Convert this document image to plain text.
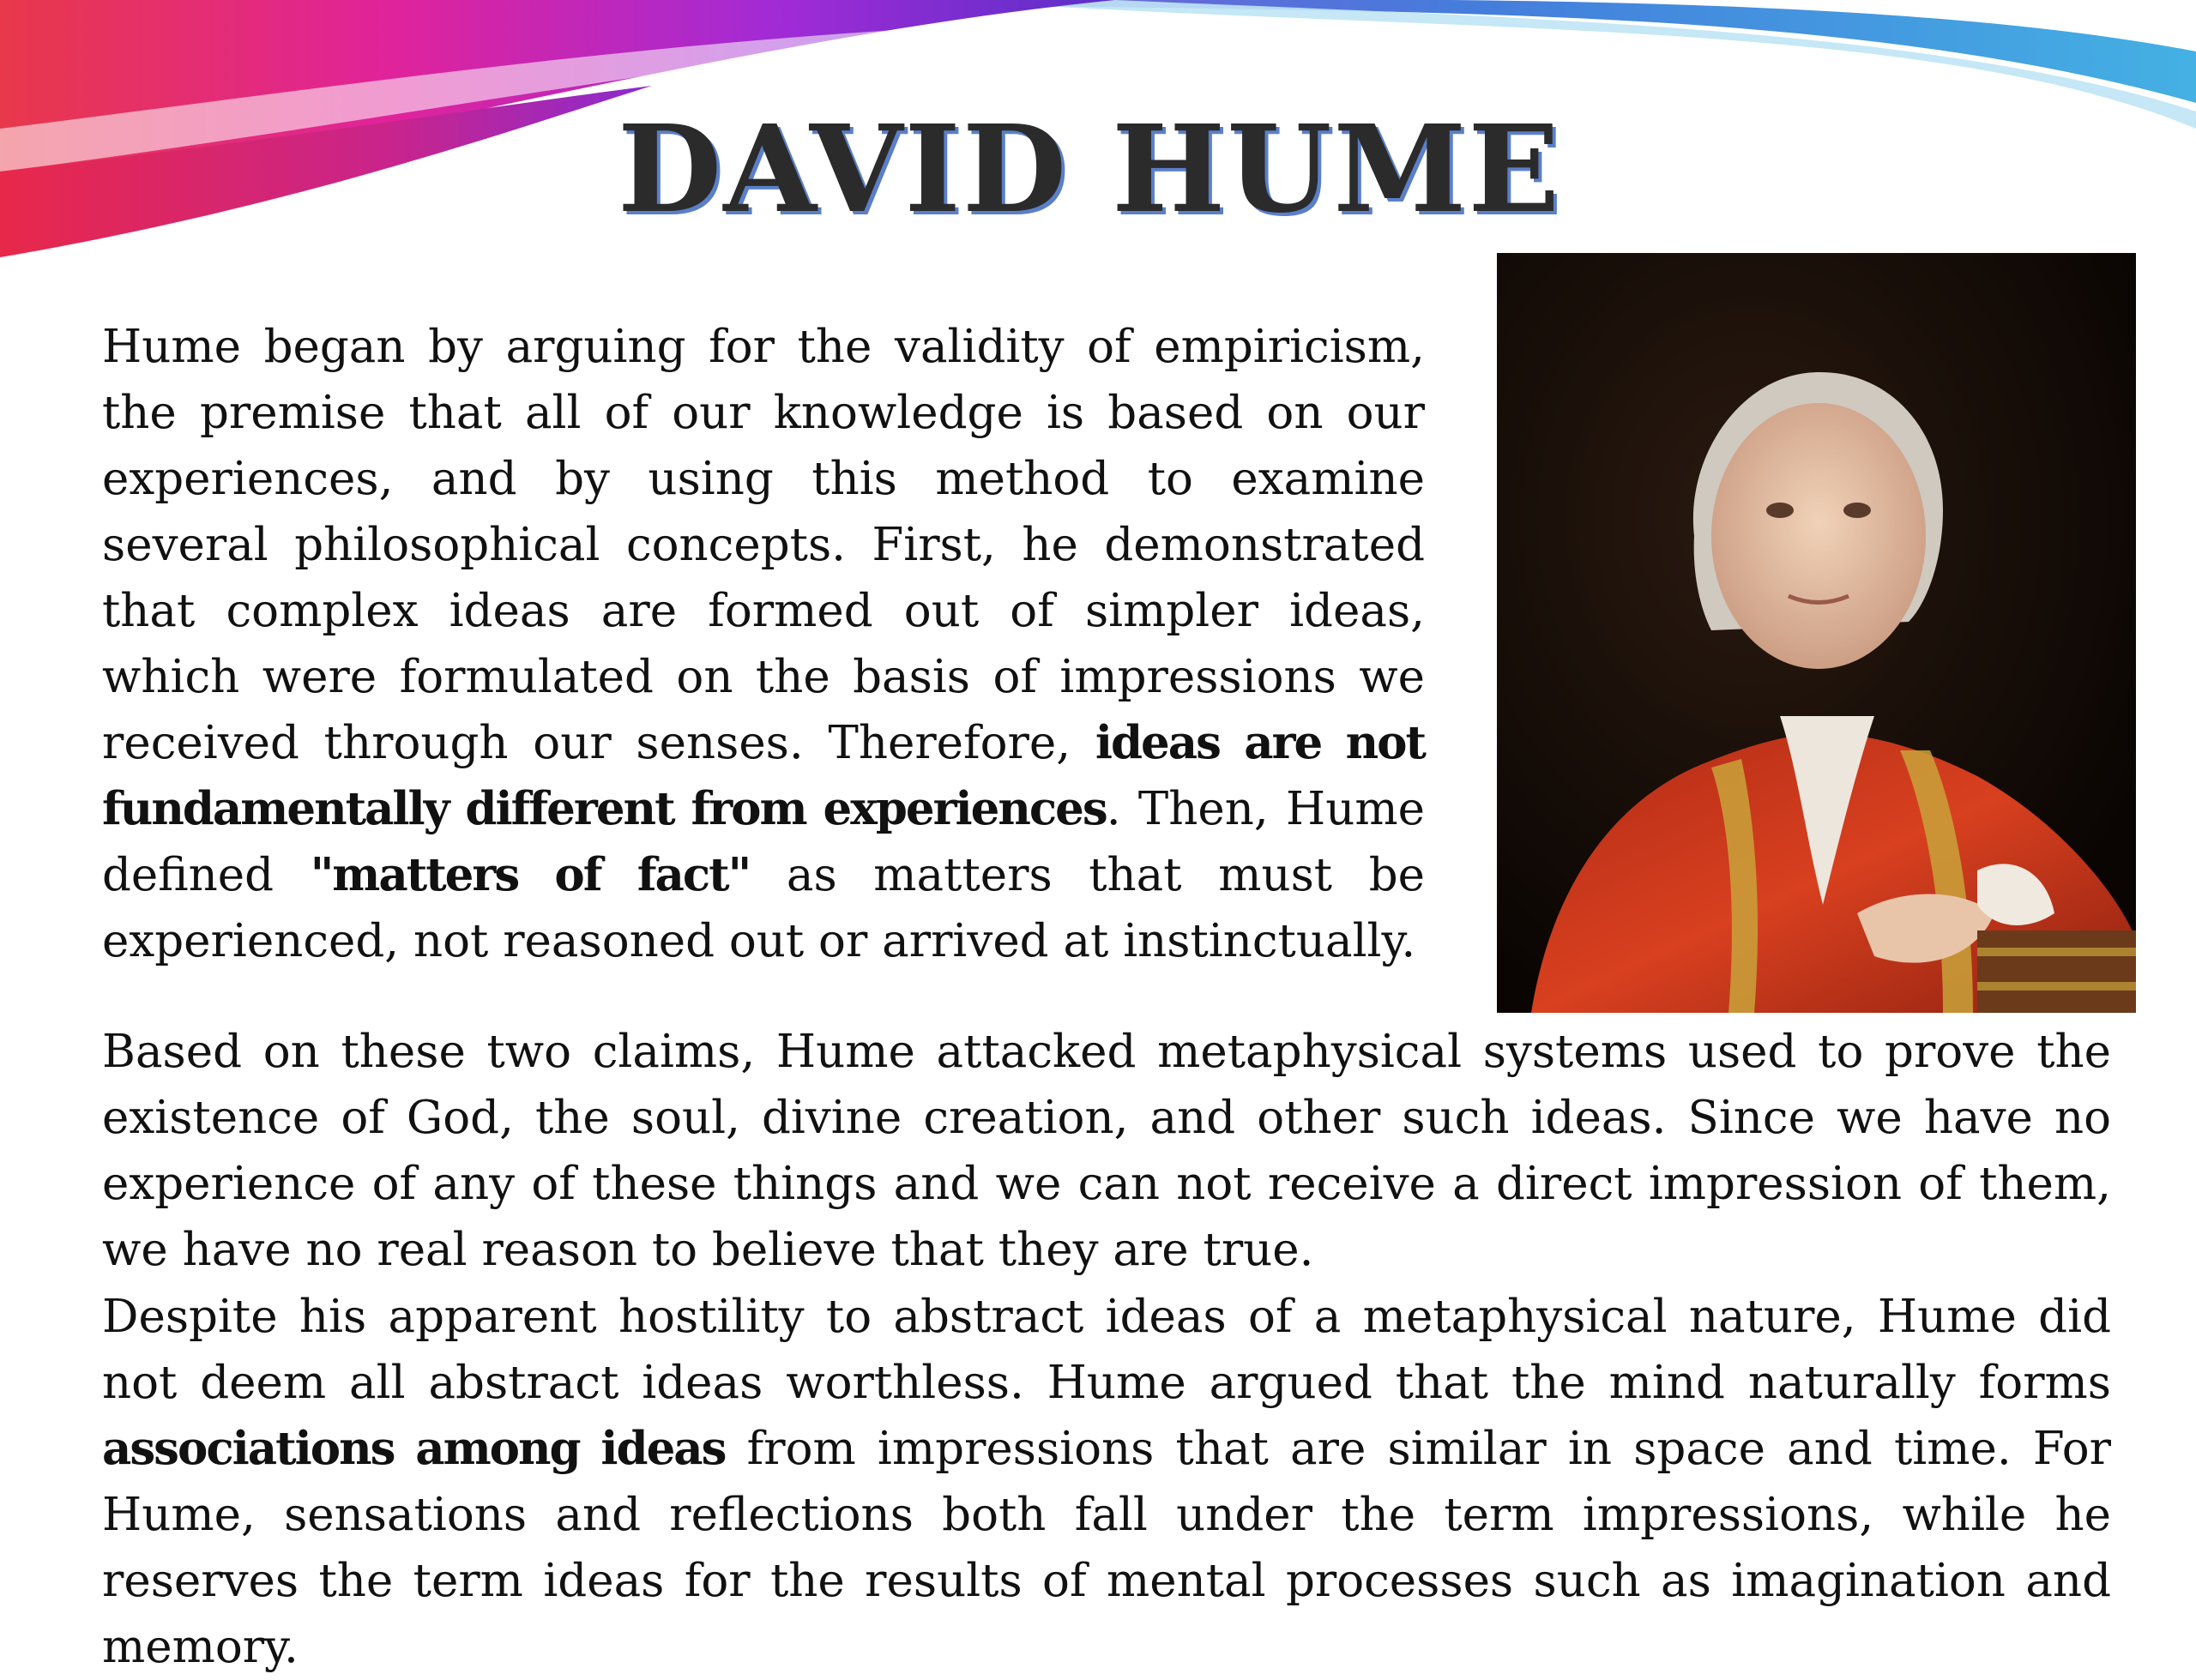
DAVID HUME

Hume began by arguing for the validity of empiricism, the premise that all of our knowledge is based on our experiences, and by using this method to examine several philosophical concepts. First, he demonstrated that complex ideas are formed out of simpler ideas, which were formulated on the basis of impressions we received through our senses. Therefore, ideas are not fundamentally different from experiences. Then, Hume defined "matters of fact" as matters that must be experienced, not reasoned out or arrived at instinctually.

Based on these two claims, Hume attacked metaphysical systems used to prove the existence of God, the soul, divine creation, and other such ideas. Since we have no experience of any of these things and we can not receive a direct impression of them, we have no real reason to believe that they are true.

Despite his apparent hostility to abstract ideas of a metaphysical nature, Hume did not deem all abstract ideas worthless. Hume argued that the mind naturally forms associations among ideas from impressions that are similar in space and time. For Hume, sensations and reflections both fall under the term impressions, while he reserves the term ideas for the results of mental processes such as imagination and memory.
